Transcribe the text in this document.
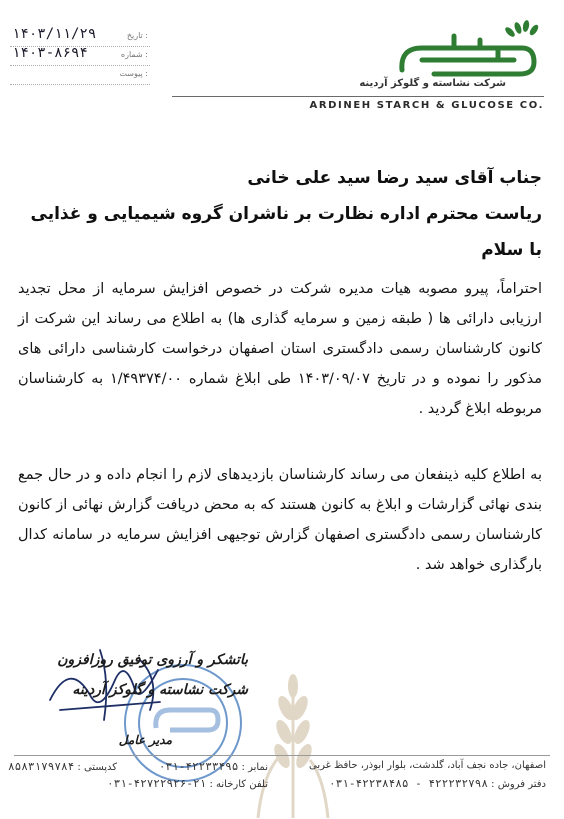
۱۴۰۳/۱۱/۲۹	تاریخ :
۱۴۰۳-۸۶۹۴	شماره :
پیوست :
شرکت نشاسته و گلوکز آردینه
ARDINEH STARCH & GLUCOSE CO.
جناب آقای سید رضا سید علی خانی
ریاست محترم اداره نظارت بر ناشران گروه شیمیایی و غذایی
با سلام
احتراماً، پیرو مصوبه هیات مدیره شرکت در خصوص افزایش سرمایه از محل تجدید ارزیابی دارائی ها ( طبقه زمین و سرمایه گذاری ها) به اطلاع می رساند این شرکت از کانون کارشناسان رسمی دادگستری استان اصفهان درخواست کارشناسی دارائی های مذکور را نموده و در تاریخ ۱۴۰۳/۰۹/۰۷ طی ابلاغ شماره ۱/۴۹۳۷۴/۰۰ به کارشناسان مربوطه ابلاغ گردید .
به اطلاع کلیه ذینفعان می رساند کارشناسان بازدیدهای لازم را انجام داده و در حال جمع بندی نهائی گزارشات و ابلاغ به کانون هستند که به محض دریافت گزارش نهائی از کانون کارشناسان رسمی دادگستری اصفهان گزارش توجیهی افزایش سرمایه در سامانه کدال بارگذاری خواهد شد .
باتشکر و آرزوی توفیق روزافزون
شرکت نشاسته و گلوکز آردینه
مدیر عامل
اصفهان، جاده نجف آباد، گلدشت، بلوار ابوذر، حافظ غربی
دفتر فروش : ۰۳۱-۴۲۲۳۸۴۸۵ - ۴۲۲۲۳۲۷۹۸
نمابر : ۰۳۱-۴۲۲۳۳۴۹۵
کدپستی : ۸۵۸۳۱۷۹۷۸۴
تلفن کارخانه : ۰۳۱-۴۲۷۲۲۹۲۶-۲۱
